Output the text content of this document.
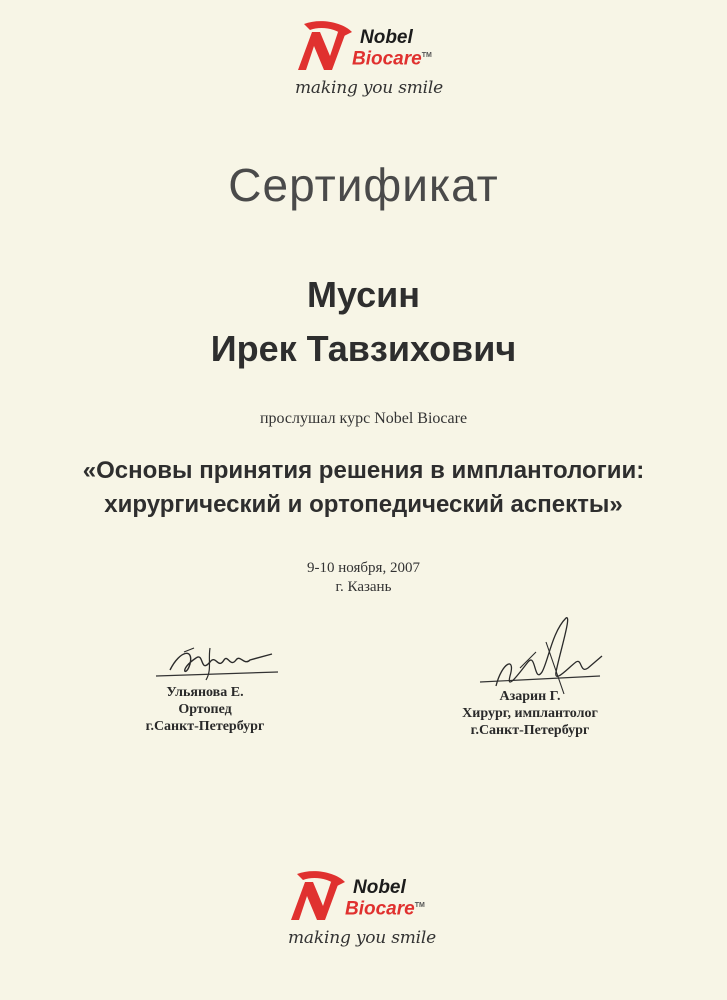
Nobel
Biocare™
making you smile
Сертификат
Мусин
Ирек Тавзихович
прослушал курс Nobel Biocare
«Основы принятия решения в имплантологии:
хирургический и ортопедический аспекты»
9-10 ноября, 2007
г. Казань
Ульянова Е.
Ортопед
г.Санкт-Петербург
Азарин Г.
Хирург, имплантолог
г.Санкт-Петербург
Nobel
Biocare™
making you smile
